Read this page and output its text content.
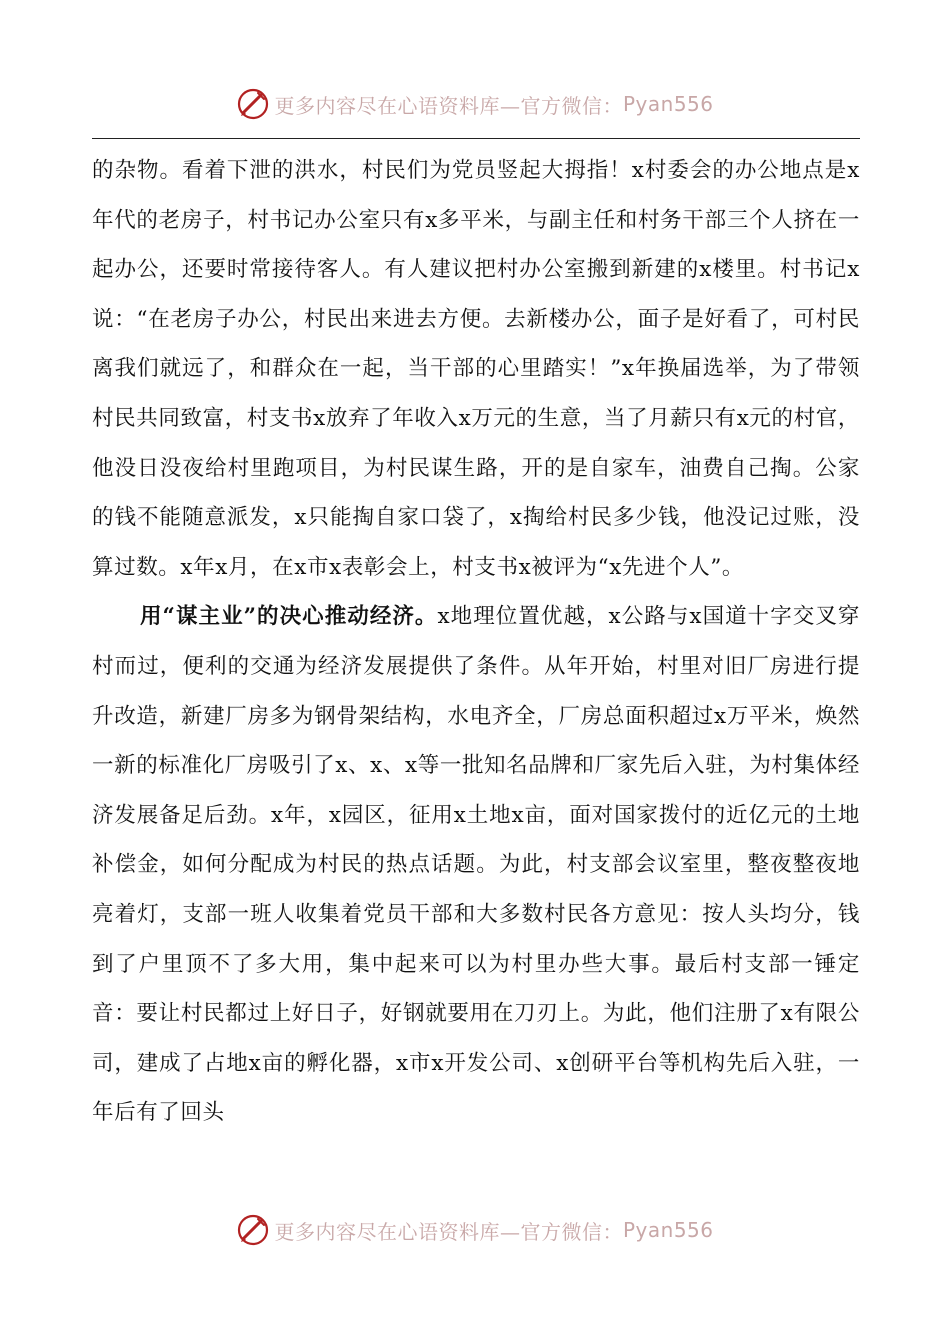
更多内容尽在心语资料库—官方微信： Pyan556

的杂物。看着下泄的洪水，村民们为党员竖起大拇指！x村委会的办公地点是x年代的老房子，村书记办公室只有x多平米，与副主任和村务干部三个人挤在一起办公，还要时常接待客人。有人建议把村办公室搬到新建的x楼里。村书记x说：“在老房子办公，村民出来进去方便。去新楼办公，面子是好看了，可村民离我们就远了，和群众在一起，当干部的心里踏实！”x年换届选举，为了带领村民共同致富，村支书x放弃了年收入x万元的生意，当了月薪只有x元的村官，他没日没夜给村里跑项目，为村民谋生路，开的是自家车，油费自己掏。公家的钱不能随意派发，x只能掏自家口袋了，x掏给村民多少钱，他没记过账，没算过数。x年x月，在x市x表彰会上，村支书x被评为“x先进个人”。

用“谋主业”的决心推动经济。x地理位置优越，x公路与x国道十字交叉穿村而过，便利的交通为经济发展提供了条件。从年开始，村里对旧厂房进行提升改造，新建厂房多为钢骨架结构，水电齐全，厂房总面积超过x万平米，焕然一新的标准化厂房吸引了x、x、x等一批知名品牌和厂家先后入驻，为村集体经济发展备足后劲。x年，x园区，征用x土地x亩，面对国家拨付的近亿元的土地补偿金，如何分配成为村民的热点话题。为此，村支部会议室里，整夜整夜地亮着灯，支部一班人收集着党员干部和大多数村民各方意见：按人头均分，钱到了户里顶不了多大用，集中起来可以为村里办些大事。最后村支部一锤定音：要让村民都过上好日子，好钢就要用在刀刃上。为此，他们注册了x有限公司，建成了占地x亩的孵化器，x市x开发公司、x创研平台等机构先后入驻，一年后有了回头

更多内容尽在心语资料库—官方微信： Pyan556
